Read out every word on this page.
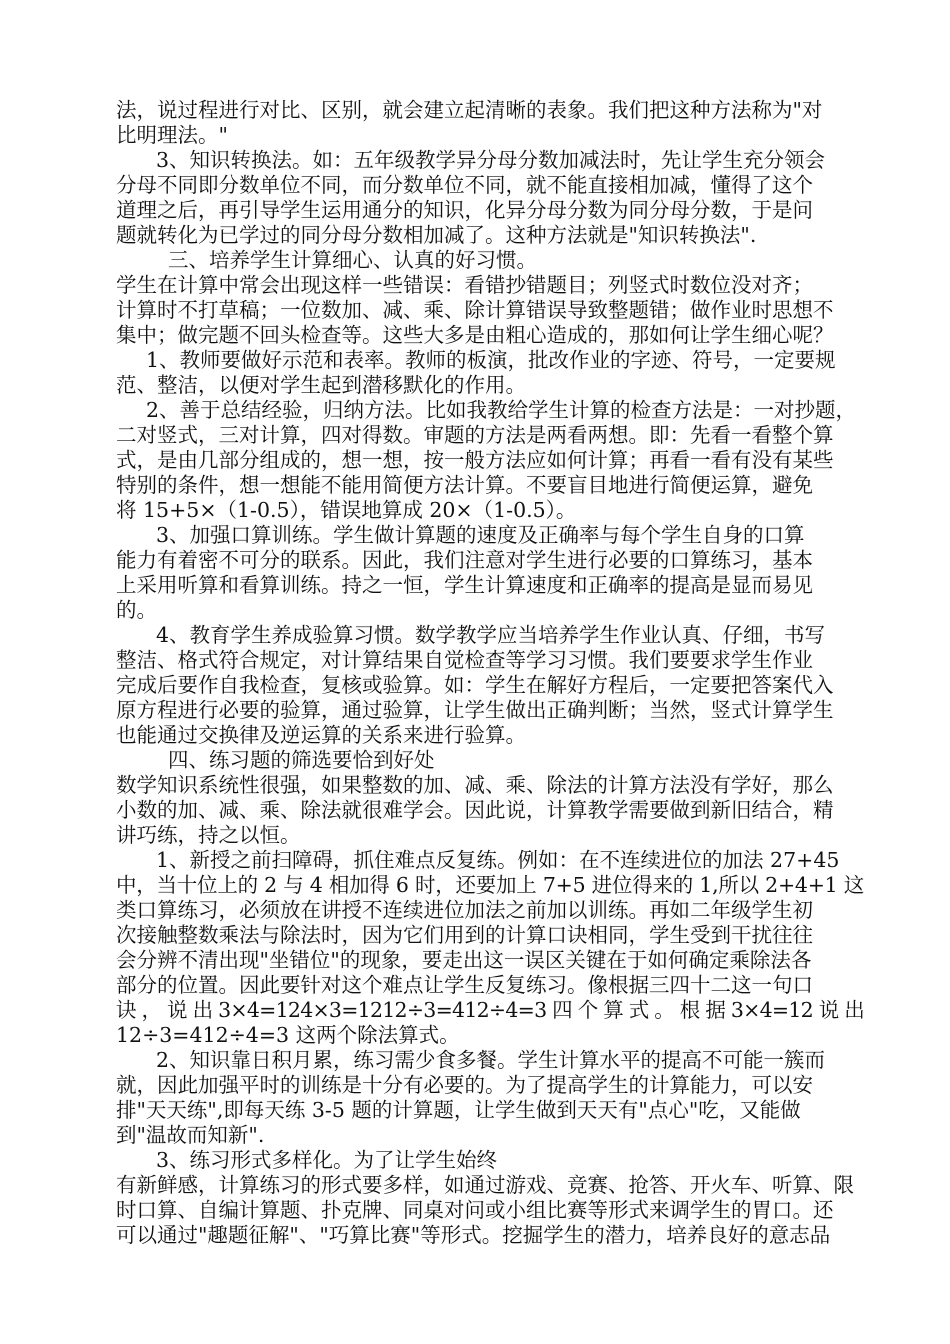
法，说过程进行对比、区别，就会建立起清晰的表象。我们把这种方法称为"对
比明理法。"
3、知识转换法。如：五年级教学异分母分数加减法时，先让学生充分领会
分母不同即分数单位不同，而分数单位不同，就不能直接相加减，懂得了这个
道理之后，再引导学生运用通分的知识，化异分母分数为同分母分数，于是问
题就转化为已学过的同分母分数相加减了。这种方法就是"知识转换法".
三、培养学生计算细心、认真的好习惯。
学生在计算中常会出现这样一些错误：看错抄错题目；列竖式时数位没对齐；
计算时不打草稿；一位数加、减、乘、除计算错误导致整题错；做作业时思想不
集中；做完题不回头检查等。这些大多是由粗心造成的，那如何让学生细心呢？
1、教师要做好示范和表率。教师的板演，批改作业的字迹、符号，一定要规
范、整洁，以便对学生起到潜移默化的作用。
2、善于总结经验，归纳方法。比如我教给学生计算的检查方法是：一对抄题，
二对竖式，三对计算，四对得数。审题的方法是两看两想。即：先看一看整个算
式，是由几部分组成的，想一想，按一般方法应如何计算；再看一看有没有某些
特别的条件，想一想能不能用简便方法计算。不要盲目地进行简便运算，避免
将 15+5×（1-0.5），错误地算成 20×（1-0.5）。
3、加强口算训练。学生做计算题的速度及正确率与每个学生自身的口算
能力有着密不可分的联系。因此，我们注意对学生进行必要的口算练习，基本
上采用听算和看算训练。持之一恒，学生计算速度和正确率的提高是显而易见
的。
4、教育学生养成验算习惯。数学教学应当培养学生作业认真、仔细，书写
整洁、格式符合规定，对计算结果自觉检查等学习习惯。我们要要求学生作业
完成后要作自我检查，复核或验算。如：学生在解好方程后，一定要把答案代入
原方程进行必要的验算，通过验算，让学生做出正确判断；当然，竖式计算学生
也能通过交换律及逆运算的关系来进行验算。
四、练习题的筛选要恰到好处
数学知识系统性很强，如果整数的加、减、乘、除法的计算方法没有学好，那么
小数的加、减、乘、除法就很难学会。因此说，计算教学需要做到新旧结合，精
讲巧练，持之以恒。
1、新授之前扫障碍，抓住难点反复练。例如：在不连续进位的加法 27+45
中，当十位上的 2 与 4 相加得 6 时，还要加上 7+5 进位得来的 1,所以 2+4+1 这
类口算练习，必须放在讲授不连续进位加法之前加以训练。再如二年级学生初
次接触整数乘法与除法时，因为它们用到的计算口诀相同，学生受到干扰往往
会分辨不清出现"坐错位"的现象，要走出这一误区关键在于如何确定乘除法各
部分的位置。因此要针对这个难点让学生反复练习。像根据三四十二这一句口
诀 ， 说 出 3×4=124×3=1212÷3=412÷4=3 四 个 算 式 。 根 据 3×4=12 说 出
12÷3=412÷4=3 这两个除法算式。
2、知识靠日积月累，练习需少食多餐。学生计算水平的提高不可能一簇而
就，因此加强平时的训练是十分有必要的。为了提高学生的计算能力，可以安
排"天天练",即每天练 3-5 题的计算题，让学生做到天天有"点心"吃，又能做
到"温故而知新".
3、练习形式多样化。为了让学生始终
有新鲜感，计算练习的形式要多样，如通过游戏、竞赛、抢答、开火车、听算、限
时口算、自编计算题、扑克牌、同桌对问或小组比赛等形式来调学生的胃口。还
可以通过"趣题征解"、"巧算比赛"等形式。挖掘学生的潜力，培养良好的意志品
